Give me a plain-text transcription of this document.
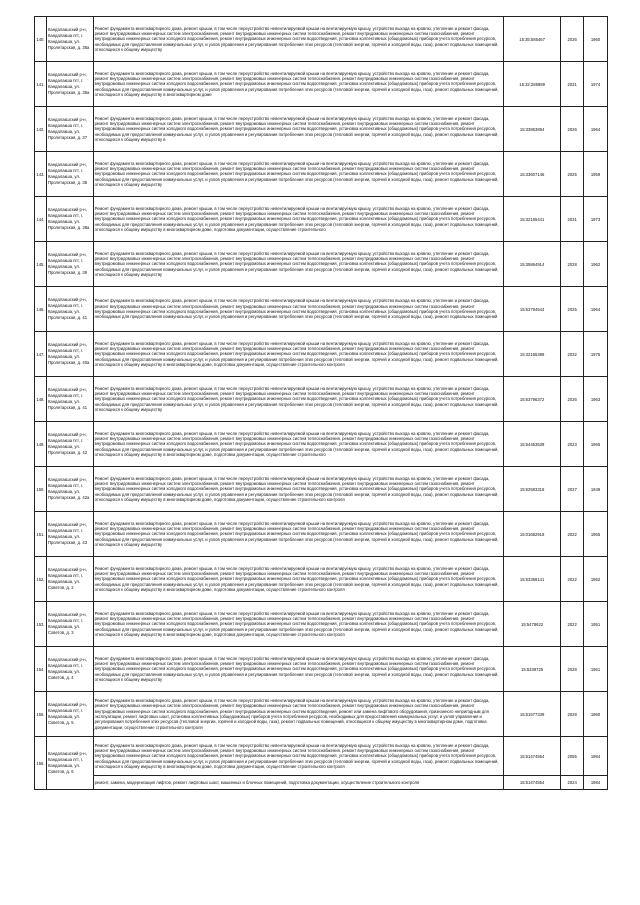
140.	Кандалакшский р-н, Кандалакша пгт, г. Кандалакша, ул. Пролетарская, д. 35а	Ремонт фундамента многоквартирного дома, ремонт крыши, в том числе переустройство невентилируемой крыши на вентилируемую крышу, устройство выхода на кровлю, утепление и ремонт фасада, ремонт внутридомовых инженерных систем электроснабжения, ремонт внутридомовых инженерных систем теплоснабжения, ремонт внутридомовых инженерных систем газоснабжения, ремонт внутридомовых инженерных систем холодного водоснабжения, ремонт внутридомовых инженерных систем водоотведения, установка коллективных (общедомовых) приборов учета потребления ресурсов, необходимых для предоставления коммунальных услуг, и узлов управления и регулирования потребления этих ресурсов (тепловой энергии, горячей и холодной воды, газа), ремонт подвальных помещений, относящихся к общему имуществу	15:35:585467	2026	1960

141.	Кандалакшский р-н, Кандалакша пгт, г. Кандалакша, ул. Пролетарская, д. 36а	Ремонт фундамента многоквартирного дома, ремонт крыши, в том числе переустройство невентилируемой крыши на вентилируемую крышу, устройство выхода на кровлю, утепление и ремонт фасада, ремонт внутридомовых инженерных систем электроснабжения, ремонт внутридомовых инженерных систем теплоснабжения, ремонт внутридомовых инженерных систем газоснабжения, ремонт внутридомовых инженерных систем холодного водоснабжения, ремонт внутридомовых инженерных систем водоотведения, установка коллективных (общедомовых) приборов учета потребления ресурсов, необходимых для предоставления коммунальных услуг, и узлов управления и регулирования потребления этих ресурсов (тепловой энергии, горячей и холодной воды, газа), ремонт подвальных помещений, относящихся к общему имуществу в многоквартирном доме	15:32:285989	2031	1974

142.	Кандалакшский р-н, Кандалакша пгт, г. Кандалакша, ул. Пролетарская, д. 37	Ремонт фундамента многоквартирного дома, ремонт крыши, в том числе переустройство невентилируемой крыши на вентилируемую крышу, устройство выхода на кровлю, утепление и ремонт фасада, ремонт внутридомовых инженерных систем электроснабжения, ремонт внутридомовых инженерных систем теплоснабжения, ремонт внутридомовых инженерных систем газоснабжения, ремонт внутридомовых инженерных систем холодного водоснабжения, ремонт внутридомовых инженерных систем водоотведения, установка коллективных (общедомовых) приборов учета потребления ресурсов, необходимых для предоставления коммунальных услуг, и узлов управления и регулирования потребления этих ресурсов (тепловой энергии, горячей и холодной воды, газа), ремонт подвальных помещений, относящихся к общему имуществу в	15:33863894	2026	1964

143.	Кандалакшский р-н, Кандалакша пгт, г. Кандалакша, ул. Пролетарская, д. 38	Ремонт фундамента многоквартирного дома, ремонт крыши, в том числе переустройство невентилируемой крыши на вентилируемую крышу, устройство выхода на кровлю, утепление и ремонт фасада, ремонт внутридомовых инженерных систем электроснабжения, ремонт внутридомовых инженерных систем теплоснабжения, ремонт внутридомовых инженерных систем газоснабжения, ремонт внутридомовых инженерных систем холодного водоснабжения, ремонт внутридомовых инженерных систем водоотведения, установка коллективных (общедомовых) приборов учета потребления ресурсов, необходимых для предоставления коммунальных услуг, и узлов управления и регулирования потребления этих ресурсов (тепловой энергии, горячей и холодной воды, газа), ремонт подвальных помещений, относящихся к общему имуществу	15:33607146	2025	1959

144.	Кандалакшский р-н, Кандалакша пгт, г. Кандалакша, ул. Пролетарская, д. 38а	Ремонт фундамента многоквартирного дома, ремонт крыши, в том числе переустройство невентилируемой крыши на вентилируемую крышу, устройство выхода на кровлю, утепление и ремонт фасада, ремонт внутридомовых инженерных систем электроснабжения, ремонт внутридомовых инженерных систем теплоснабжения, ремонт внутридомовых инженерных систем газоснабжения, ремонт внутридомовых инженерных систем холодного водоснабжения, ремонт внутридомовых инженерных систем водоотведения, установка коллективных (общедомовых) приборов учета потребления ресурсов, необходимых для предоставления коммунальных услуг, и узлов управления и регулирования потребления этих ресурсов (тепловой энергии, горячей и холодной воды, газа), ремонт подвальных помещений, относящихся к общему имуществу в многоквартирном доме, подготовка документации, осуществление строительного	15:32165441	2031	1973

145.	Кандалакшский р-н, Кандалакша пгт, г. Кандалакша, ул. Пролетарская, д. 39	Ремонт фундамента многоквартирного дома, ремонт крыши, в том числе переустройство невентилируемой крыши на вентилируемую крышу, устройство выхода на кровлю, утепление и ремонт фасада, ремонт внутридомовых инженерных систем электроснабжения, ремонт внутридомовых инженерных систем теплоснабжения, ремонт внутридомовых инженерных систем газоснабжения, ремонт внутридомовых инженерных систем холодного водоснабжения, ремонт внутридомовых инженерных систем водоотведения, установка коллективных (общедомовых) приборов учета потребления ресурсов, необходимых для предоставления коммунальных услуг, и узлов управления и регулирования потребления этих ресурсов (тепловой энергии, горячей и холодной воды, газа), ремонт подвальных помещений, относящихся к общему имуществу	15:35864914	2028	1962

146.	Кандалакшский р-н, Кандалакша пгт, г. Кандалакша, ул. Пролетарская, д. 41	Ремонт фундамента многоквартирного дома, ремонт крыши, в том числе переустройство невентилируемой крыши на вентилируемую крышу, устройство выхода на кровлю, утепление и ремонт фасада, ремонт внутридомовых инженерных систем электроснабжения, ремонт внутридомовых инженерных систем теплоснабжения, ремонт внутридомовых инженерных систем газоснабжения, ремонт внутридомовых инженерных систем холодного водоснабжения, ремонт внутридомовых инженерных систем водоотведения, установка коллективных (общедомовых) приборов учета потребления ресурсов, необходимых для предоставления коммунальных услуг, и узлов управления и регулирования потребления этих ресурсов (тепловой энергии, горячей и холодной воды, газа), ремонт подвальных помещений	15:53794544	2025	1964

147.	Кандалакшский р-н, Кандалакша пгт, г. Кандалакша, ул. Пролетарская, д. 40а	Ремонт фундамента многоквартирного дома, ремонт крыши, в том числе переустройство невентилируемой крыши на вентилируемую крышу, устройство выхода на кровлю, утепление и ремонт фасада, ремонт внутридомовых инженерных систем электроснабжения, ремонт внутридомовых инженерных систем теплоснабжения, ремонт внутридомовых инженерных систем газоснабжения, ремонт внутридомовых инженерных систем холодного водоснабжения, ремонт внутридомовых инженерных систем водоотведения, установка коллективных (общедомовых) приборов учета потребления ресурсов, необходимых для предоставления коммунальных услуг, и узлов управления и регулирования потребления этих ресурсов (тепловой энергии, горячей и холодной воды, газа), ремонт подвальных помещений, относящихся к общему имуществу в многоквартирном доме, подготовка документации, осуществление строительного контроля	15:32165398	2032	1975

148.	Кандалакшский р-н, Кандалакша пгт, г. Кандалакша, ул. Пролетарская, д. 41	Ремонт фундамента многоквартирного дома, ремонт крыши, в том числе переустройство невентилируемой крыши на вентилируемую крышу, устройство выхода на кровлю, утепление и ремонт фасада, ремонт внутридомовых инженерных систем электроснабжения, ремонт внутридомовых инженерных систем теплоснабжения, ремонт внутридомовых инженерных систем газоснабжения, ремонт внутридомовых инженерных систем холодного водоснабжения, ремонт внутридомовых инженерных систем водоотведения, установка коллективных (общедомовых) приборов учета потребления ресурсов, необходимых для предоставления коммунальных услуг, и узлов управления и регулирования потребления этих ресурсов (тепловой энергии, горячей и холодной воды, газа), ремонт подвальных помещений, относящихся к общему имуществу	15:63796372	2026	1963

149.	Кандалакшский р-н, Кандалакша пгт, г. Кандалакша, ул. Пролетарская, д. 42	Ремонт фундамента многоквартирного дома, ремонт крыши, в том числе переустройство невентилируемой крыши на вентилируемую крышу, устройство выхода на кровлю, утепление и ремонт фасада, ремонт внутридомовых инженерных систем электроснабжения, ремонт внутридомовых инженерных систем теплоснабжения, ремонт внутридомовых инженерных систем газоснабжения, ремонт внутридомовых инженерных систем холодного водоснабжения, ремонт внутридомовых инженерных систем водоотведения, установка коллективных (общедомовых) приборов учета потребления ресурсов, необходимых для предоставления коммунальных услуг, и узлов управления и регулирования потребления этих ресурсов (тепловой энергии, горячей и холодной воды, газа), ремонт подвальных помещений, относящихся к общему имуществу в многоквартирном доме, подготовка документации, осуществление строительного	15:54453539	2023	1965

150.	Кандалакшский р-н, Кандалакша пгт, г. Кандалакша, ул. Пролетарская, д. 42а	Ремонт фундамента многоквартирного дома, ремонт крыши, в том числе переустройство невентилируемой крыши на вентилируемую крышу, устройство выхода на кровлю, утепление и ремонт фасада, ремонт внутридомовых инженерных систем электроснабжения, ремонт внутридомовых инженерных систем теплоснабжения, ремонт внутридомовых инженерных систем газоснабжения, ремонт внутридомовых инженерных систем холодного водоснабжения, ремонт внутридомовых инженерных систем водоотведения, установка коллективных (общедомовых) приборов учета потребления ресурсов, необходимых для предоставления коммунальных услуг, и узлов управления и регулирования потребления этих ресурсов (тепловой энергии, горячей и холодной воды, газа), ремонт подвальных помещений, относящихся к общему имуществу в многоквартирном доме, подготовка документации, осуществление строительного контроля	15:62583316	2027	1949

151.	Кандалакшский р-н, Кандалакша пгт, г. Кандалакша, ул. Пролетарская, д. 43	Ремонт фундамента многоквартирного дома, ремонт крыши, в том числе переустройство невентилируемой крыши на вентилируемую крышу, устройство выхода на кровлю, утепление и ремонт фасада, ремонт внутридомовых инженерных систем электроснабжения, ремонт внутридомовых инженерных систем теплоснабжения, ремонт внутридомовых инженерных систем газоснабжения, ремонт внутридомовых инженерных систем холодного водоснабжения, ремонт внутридомовых инженерных систем водоотведения, установка коллективных (общедомовых) приборов учета потребления ресурсов, необходимых для предоставления коммунальных услуг, и узлов управления и регулирования потребления этих ресурсов (тепловой энергии, горячей и холодной воды, газа), ремонт подвальных помещений, относящихся к общему имуществу	15:01682918	2022	1965

152.	Кандалакшский р-н, Кандалакша пгт, г. Кандалакша, ул. Советов, д. 2	Ремонт фундамента многоквартирного дома, ремонт крыши, в том числе переустройство невентилируемой крыши на вентилируемую крышу, устройство выхода на кровлю, утепление и ремонт фасада, ремонт внутридомовых инженерных систем электроснабжения, ремонт внутридомовых инженерных систем теплоснабжения, ремонт внутридомовых инженерных систем газоснабжения, ремонт внутридомовых инженерных систем холодного водоснабжения, ремонт внутридомовых инженерных систем водоотведения, установка коллективных (общедомовых) приборов учета потребления ресурсов, необходимых для предоставления коммунальных услуг, и узлов управления и регулирования потребления этих ресурсов (тепловой энергии, горячей и холодной воды, газа), ремонт подвальных помещений, относящихся к общему имуществу в многоквартирном доме, подготовка документации, осуществление строительного контроля	15:53368141	2022	1962

153.	Кандалакшский р-н, Кандалакша пгт, г. Кандалакша, ул. Советов, д. 3	Ремонт фундамента многоквартирного дома, ремонт крыши, в том числе переустройство невентилируемой крыши на вентилируемую крышу, устройство выхода на кровлю, утепление и ремонт фасада, ремонт внутридомовых инженерных систем электроснабжения, ремонт внутридомовых инженерных систем теплоснабжения, ремонт внутридомовых инженерных систем газоснабжения, ремонт внутридомовых инженерных систем холодного водоснабжения, ремонт внутридомовых инженерных систем водоотведения, установка коллективных (общедомовых) приборов учета потребления ресурсов, необходимых для предоставления коммунальных услуг, и узлов управления и регулирования потребления этих ресурсов (тепловой энергии, горячей и холодной воды, газа), ремонт подвальных помещений, относящихся к общему имуществу в многоквартирном доме, подготовка документации, осуществление строительного контроля	15:5478622	2022	1951

154.	Кандалакшский р-н, Кандалакша пгт, г. Кандалакша, ул. Советов, д. 4	Ремонт фундамента многоквартирного дома, ремонт крыши, в том числе переустройство невентилируемой крыши на вентилируемую крышу, устройство выхода на кровлю, утепление и ремонт фасада, ремонт внутридомовых инженерных систем электроснабжения, ремонт внутридомовых инженерных систем теплоснабжения, ремонт внутридомовых инженерных систем газоснабжения, ремонт внутридомовых инженерных систем холодного водоснабжения, ремонт внутридомовых инженерных систем водоотведения, установка коллективных (общедомовых) приборов учета потребления ресурсов, необходимых для предоставления коммунальных услуг, и узлов управления и регулирования потребления этих ресурсов (тепловой энергии, горячей и холодной воды, газа), ремонт подвальных помещений, относящихся к общему имуществу	15:5339725	2028	1961

155.	Кандалакшский р-н, Кандалакша пгт, г. Кандалакша, ул. Советов, д. 5	Ремонт фундамента многоквартирного дома, ремонт крыши, в том числе переустройство невентилируемой крыши на вентилируемую крышу, устройство выхода на кровлю, утепление и ремонт фасада, ремонт внутридомовых инженерных систем электроснабжения, ремонт внутридомовых инженерных систем теплоснабжения, ремонт внутридомовых инженерных систем газоснабжения, ремонт внутридомовых инженерных систем холодного водоснабжения, ремонт внутридомовых инженерных систем водоотведения, ремонт или замена лифтового оборудования, признанного непригодным для эксплуатации, ремонт лифтовых шахт, установка коллективных (общедомовых) приборов учета потребления ресурсов, необходимых для предоставления коммунальных услуг, и узлов управления и регулирования потребления этих ресурсов (тепловой энергии, горячей и холодной воды, газа), ремонт подвальных помещений, относящихся к общему имуществу в многоквартирном доме, подготовка документации, осуществление строительного контроля	15:51577339	2028	1960

156.	Кандалакшский р-н, Кандалакша пгт, г. Кандалакша, ул. Советов, д. 6	Ремонт фундамента многоквартирного дома, ремонт крыши, в том числе переустройство невентилируемой крыши на вентилируемую крышу, устройство выхода на кровлю, утепление и ремонт фасада, ремонт внутридомовых инженерных систем электроснабжения, ремонт внутридомовых инженерных систем теплоснабжения, ремонт внутридомовых инженерных систем газоснабжения, ремонт внутридомовых инженерных систем холодного водоснабжения, ремонт внутридомовых инженерных систем водоотведения, установка коллективных (общедомовых) приборов учета потребления ресурсов, необходимых для предоставления коммунальных услуг, и узлов управления и регулирования потребления этих ресурсов (тепловой энергии, горячей и холодной воды, газа), ремонт подвальных помещений, относящихся к общему имуществу в многоквартирном доме, подготовка документации, осуществление строительного контроля	15:51474554	2055	1984

		ремонт, замена, модернизация лифтов, ремонт лифтовых шахт, машинных и блочных помещений, подготовка документации, осуществление строительного контроля	15:51474554	2024	1984
